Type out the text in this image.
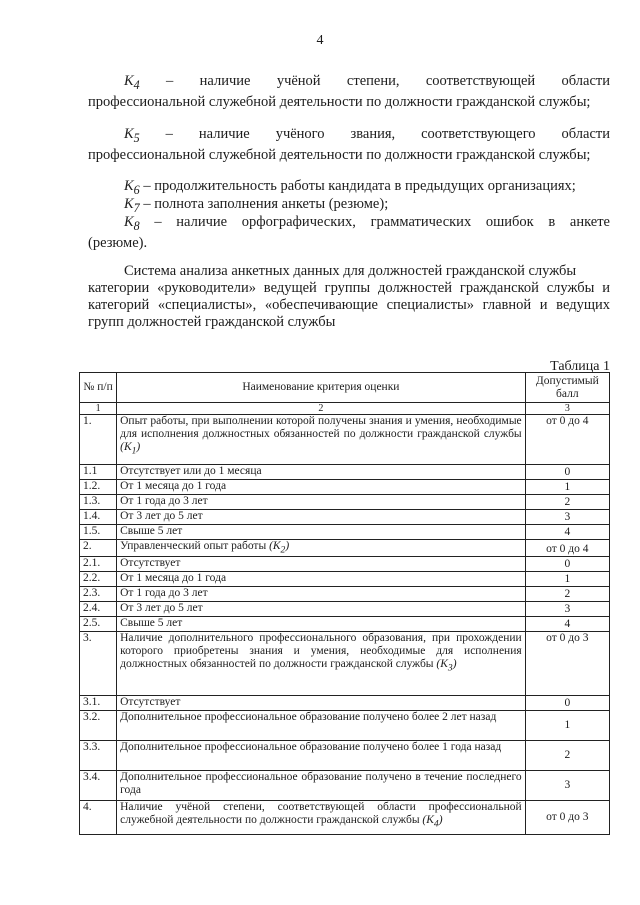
4
$К_4$ – наличие учёной степени, соответствующей области
профессиональной служебной деятельности по должности гражданской службы;
$К_5$ – наличие учёного звания, соответствующего области
профессиональной служебной деятельности по должности гражданской службы;
$К_6$ – продолжительность работы кандидата в предыдущих организациях;
$К_7$ – полнота заполнения анкеты (резюме);
$К_8$ – наличие орфографических, грамматических ошибок в анкете
(резюме).
Система анализа анкетных данных для должностей гражданской службы
категории «руководители» ведущей группы должностей гражданской службы и категорий «специалисты», «обеспечивающие специалисты» главной и ведущих групп должностей гражданской службы
Таблица 1
№ п/п	Наименование критерия оценки	Допустимый балл
1	2	3
1.	Опыт работы, при выполнении которой получены знания и умения, необходимые для исполнения должностных обязанностей по должности гражданской службы $(К_1)$	от 0 до 4
1.1	Отсутствует или до 1 месяца	0
1.2.	От 1 месяца до 1 года	1
1.3.	От 1 года до 3 лет	2
1.4.	От 3 лет до 5 лет	3
1.5.	Свыше 5 лет	4
2.	Управленческий опыт работы $(К_2)$	от 0 до 4
2.1.	Отсутствует	0
2.2.	От 1 месяца до 1 года	1
2.3.	От 1 года до 3 лет	2
2.4.	От 3 лет до 5 лет	3
2.5.	Свыше 5 лет	4
3.	Наличие дополнительного профессионального образования, при прохождении которого приобретены знания и умения, необходимые для исполнения должностных обязанностей по должности гражданской службы $(К_3)$	от 0 до 3
3.1.	Отсутствует	0
3.2.	Дополнительное профессиональное образование получено более 2 лет назад	1
3.3.	Дополнительное профессиональное образование получено более 1 года назад	2
3.4.	Дополнительное профессиональное образование получено в течение последнего года	3
4.	Наличие учёной степени, соответствующей области профессиональной служебной деятельности по должности гражданской службы $(К_4)$	от 0 до 3
